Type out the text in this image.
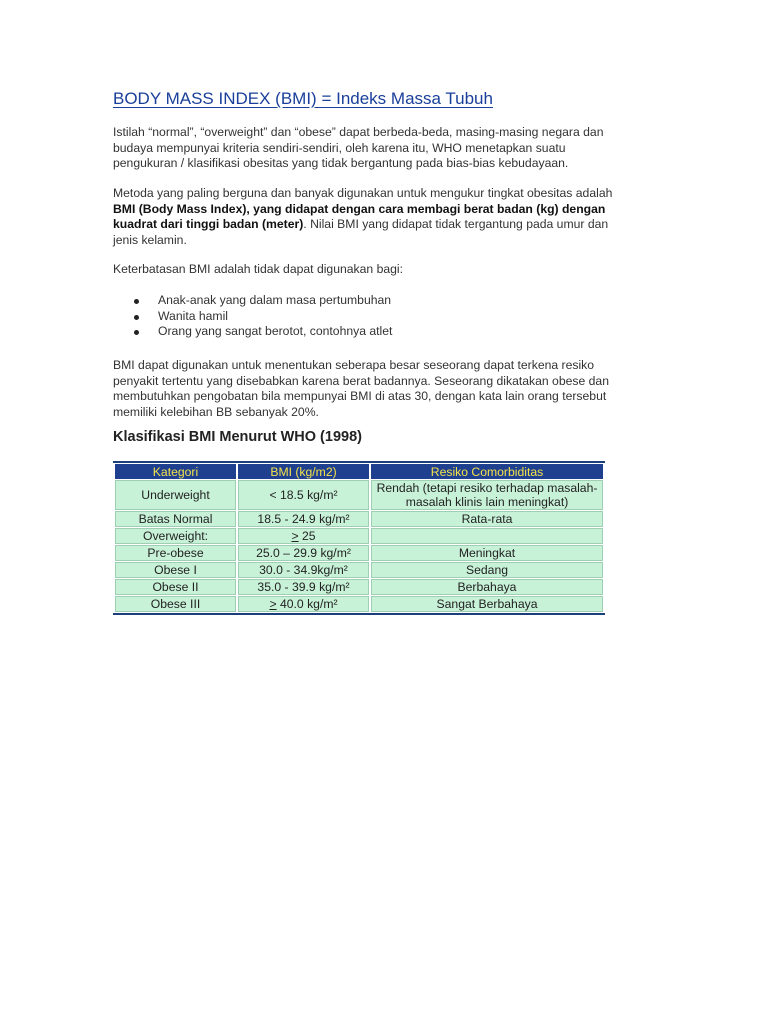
BODY MASS INDEX (BMI) = Indeks Massa Tubuh

Istilah “normal”, “overweight” dan “obese” dapat berbeda-beda, masing-masing negara dan budaya mempunyai kriteria sendiri-sendiri, oleh karena itu, WHO menetapkan suatu pengukuran / klasifikasi obesitas yang tidak bergantung pada bias-bias kebudayaan.

Metoda yang paling berguna dan banyak digunakan untuk mengukur tingkat obesitas adalah BMI (Body Mass Index), yang didapat dengan cara membagi berat badan (kg) dengan kuadrat dari tinggi badan (meter). Nilai BMI yang didapat tidak tergantung pada umur dan jenis kelamin.

Keterbatasan BMI adalah tidak dapat digunakan bagi:

Anak-anak yang dalam masa pertumbuhan
Wanita hamil
Orang yang sangat berotot, contohnya atlet

BMI dapat digunakan untuk menentukan seberapa besar seseorang dapat terkena resiko penyakit tertentu yang disebabkan karena berat badannya. Seseorang dikatakan obese dan membutuhkan pengobatan bila mempunyai BMI di atas 30, dengan kata lain orang tersebut memiliki kelebihan BB sebanyak 20%.

Klasifikasi BMI Menurut WHO (1998)
Kategori	BMI (kg/m2)	Resiko Comorbiditas
Underweight	< 18.5 kg/m²	Rendah (tetapi resiko terhadap masalah-masalah klinis lain meningkat)
Batas Normal	18.5 - 24.9 kg/m²	Rata-rata
Overweight:	> 25	
Pre-obese	25.0 – 29.9 kg/m²	Meningkat
Obese I	30.0 - 34.9kg/m²	Sedang
Obese II	35.0 - 39.9 kg/m²	Berbahaya
Obese III	> 40.0 kg/m²	Sangat Berbahaya
